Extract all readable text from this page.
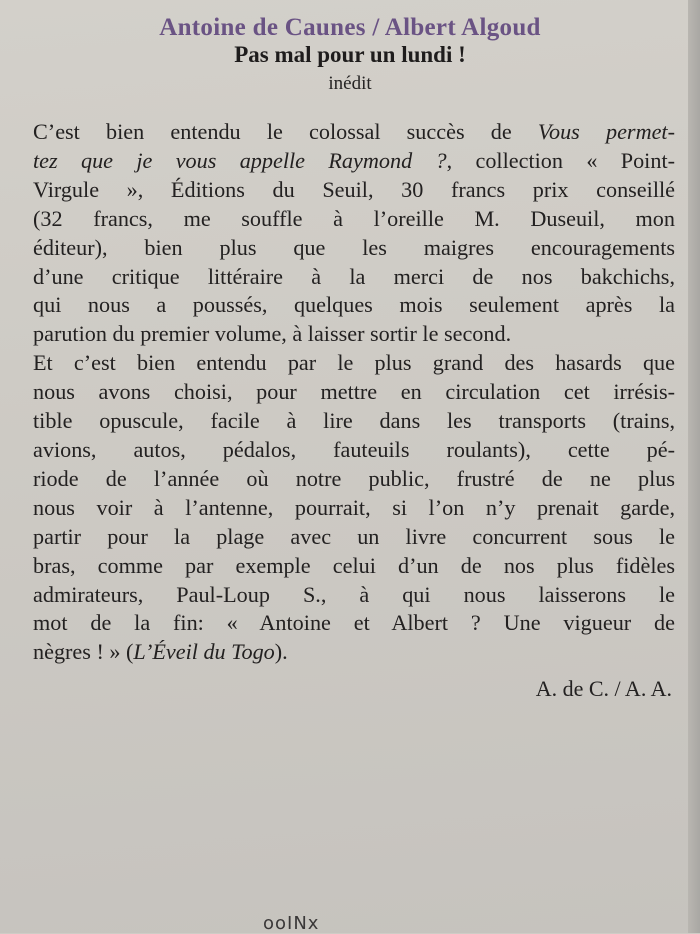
Antoine de Caunes / Albert Algoud
Pas mal pour un lundi !
inédit
C’est bien entendu le colossal succès de Vous permet-
tez que je vous appelle Raymond ?, collection « Point-
Virgule », Éditions du Seuil, 30 francs prix conseillé
(32 francs, me souffle à l’oreille M. Duseuil, mon
éditeur), bien plus que les maigres encouragements
d’une critique littéraire à la merci de nos bakchichs,
qui nous a poussés, quelques mois seulement après la
parution du premier volume, à laisser sortir le second.
Et c’est bien entendu par le plus grand des hasards que
nous avons choisi, pour mettre en circulation cet irrésis-
tible opuscule, facile à lire dans les transports (trains,
avions, autos, pédalos, fauteuils roulants), cette pé-
riode de l’année où notre public, frustré de ne plus
nous voir à l’antenne, pourrait, si l’on n’y prenait garde,
partir pour la plage avec un livre concurrent sous le
bras, comme par exemple celui d’un de nos plus fidèles
admirateurs, Paul-Loup S., à qui nous laisserons le
mot de la fin: « Antoine et Albert ? Une vigueur de
nègres ! » (L’Éveil du Togo).
A. de C. / A. A.
ooINx
